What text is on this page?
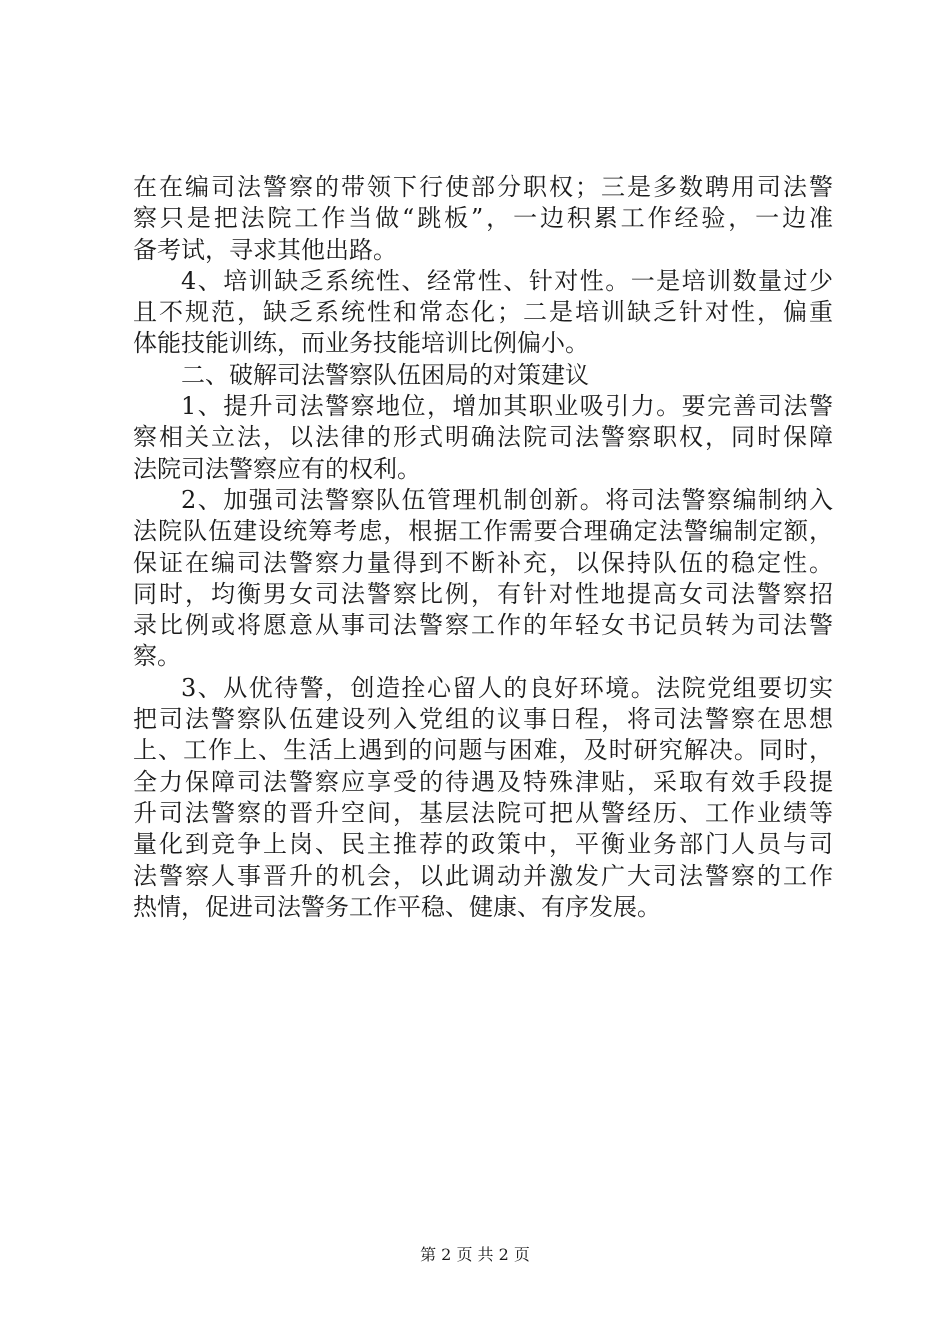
在在编司法警察的带领下行使部分职权；三是多数聘用司法警
察只是把法院工作当做“跳板”，一边积累工作经验，一边准
备考试，寻求其他出路。
4、培训缺乏系统性、经常性、针对性。一是培训数量过少
且不规范，缺乏系统性和常态化；二是培训缺乏针对性，偏重
体能技能训练，而业务技能培训比例偏小。
二、破解司法警察队伍困局的对策建议
1、提升司法警察地位，增加其职业吸引力。要完善司法警
察相关立法，以法律的形式明确法院司法警察职权，同时保障
法院司法警察应有的权利。
2、加强司法警察队伍管理机制创新。将司法警察编制纳入
法院队伍建设统筹考虑，根据工作需要合理确定法警编制定额，
保证在编司法警察力量得到不断补充，以保持队伍的稳定性。
同时，均衡男女司法警察比例，有针对性地提高女司法警察招
录比例或将愿意从事司法警察工作的年轻女书记员转为司法警
察。
3、从优待警，创造拴心留人的良好环境。法院党组要切实
把司法警察队伍建设列入党组的议事日程，将司法警察在思想
上、工作上、生活上遇到的问题与困难，及时研究解决。同时，
全力保障司法警察应享受的待遇及特殊津贴，采取有效手段提
升司法警察的晋升空间，基层法院可把从警经历、工作业绩等
量化到竞争上岗、民主推荐的政策中，平衡业务部门人员与司
法警察人事晋升的机会，以此调动并激发广大司法警察的工作
热情，促进司法警务工作平稳、健康、有序发展。
第 2 页 共 2 页
